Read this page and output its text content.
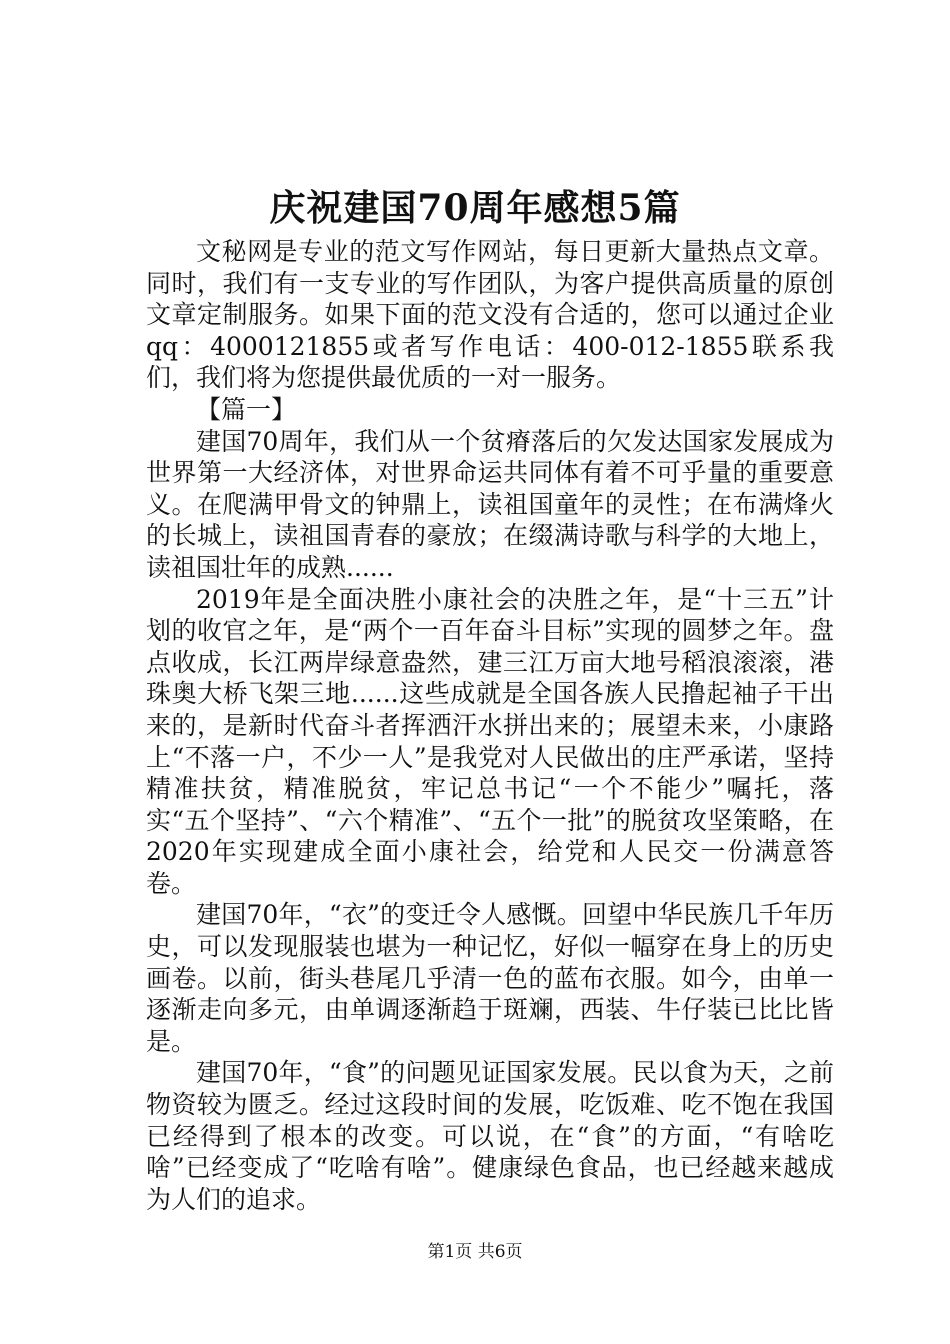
庆祝建国70周年感想5篇

文秘网是专业的范文写作网站，每日更新大量热点文章。同时，我们有一支专业的写作团队，为客户提供高质量的原创文章定制服务。如果下面的范文没有合适的，您可以通过企业qq：4000121855或者写作电话：400-012-1855联系我们，我们将为您提供最优质的一对一服务。

【篇一】

建国70周年，我们从一个贫瘠落后的欠发达国家发展成为世界第一大经济体，对世界命运共同体有着不可乎量的重要意义。在爬满甲骨文的钟鼎上，读祖国童年的灵性；在布满烽火的长城上，读祖国青春的豪放；在缀满诗歌与科学的大地上，读祖国壮年的成熟......

2019年是全面决胜小康社会的决胜之年，是“十三五”计划的收官之年，是“两个一百年奋斗目标”实现的圆梦之年。盘点收成，长江两岸绿意盎然，建三江万亩大地号稻浪滚滚，港珠奥大桥飞架三地......这些成就是全国各族人民撸起袖子干出来的，是新时代奋斗者挥洒汗水拼出来的；展望未来，小康路上“不落一户，不少一人”是我党对人民做出的庄严承诺，坚持精准扶贫，精准脱贫，牢记总书记“一个不能少”嘱托，落实“五个坚持”、“六个精准”、“五个一批”的脱贫攻坚策略，在2020年实现建成全面小康社会，给党和人民交一份满意答卷。

建国70年，“衣”的变迁令人感慨。回望中华民族几千年历史，可以发现服装也堪为一种记忆，好似一幅穿在身上的历史画卷。以前，街头巷尾几乎清一色的蓝布衣服。如今，由单一逐渐走向多元，由单调逐渐趋于斑斓，西装、牛仔装已比比皆是。

建国70年，“食”的问题见证国家发展。民以食为天，之前物资较为匮乏。经过这段时间的发展，吃饭难、吃不饱在我国已经得到了根本的改变。可以说，在“食”的方面，“有啥吃啥”已经变成了“吃啥有啥”。健康绿色食品，也已经越来越成为人们的追求。

第1页 共6页
